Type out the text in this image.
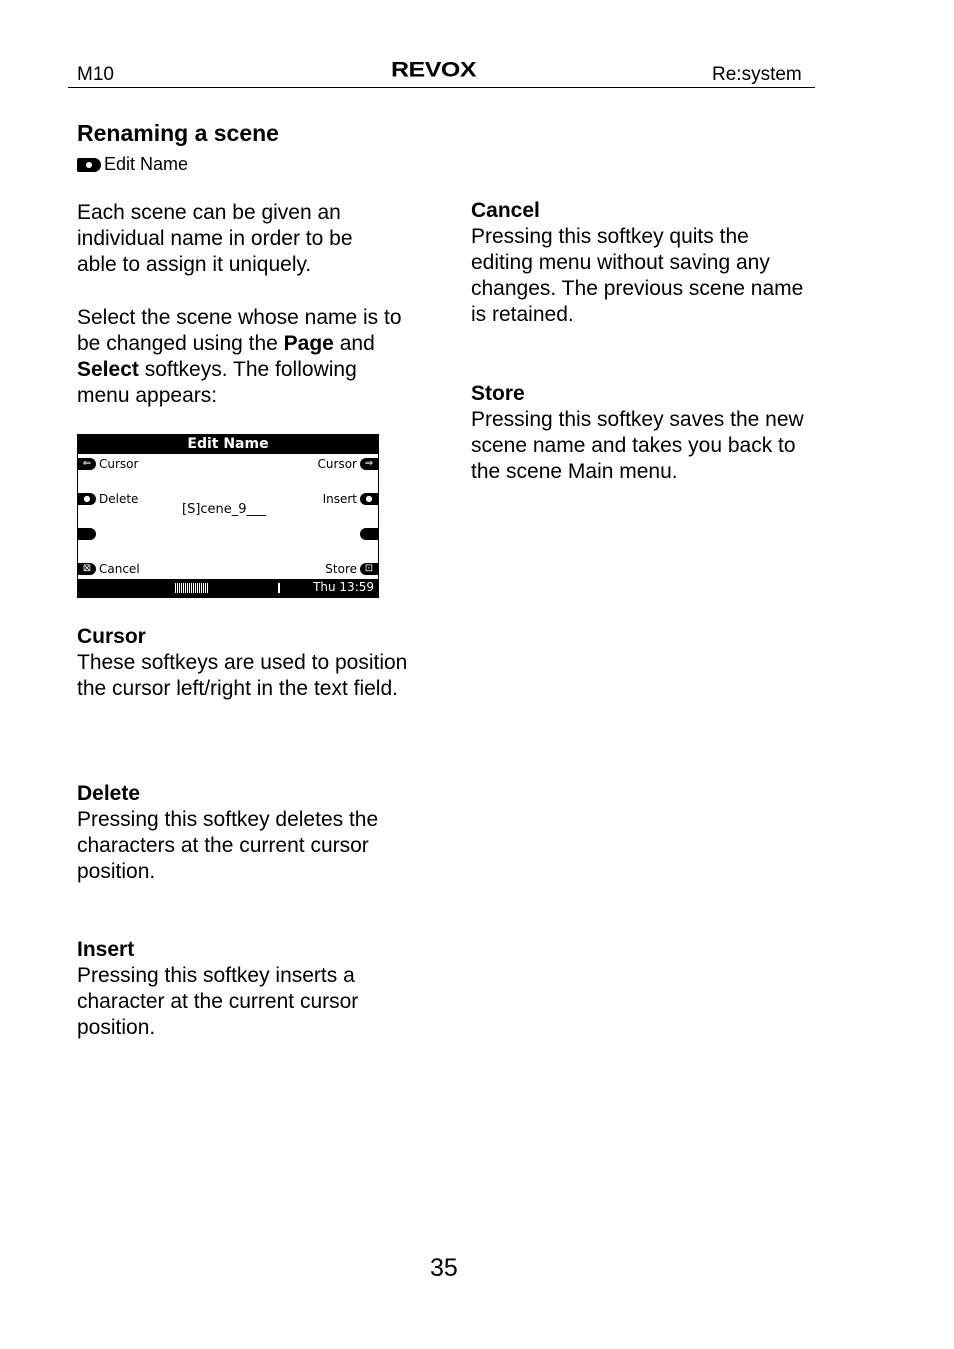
M10	REVOX	Re:system
Renaming a scene
Edit Name

Each scene can be given an individual name in order to be able to assign it uniquely.

Select the scene whose name is to be changed using the Page and Select softkeys. The following menu appears:

Edit Name
⇐ Cursor
●
Delete
⊠ Cancel
Cursor ⇒
Insert
●
Store ⊡
[S]cene_9___
Thu 13:59
Cursor

These softkeys are used to position the cursor left/right in the text field.

Delete

Pressing this softkey deletes the characters at the current cursor position.

Insert

Pressing this softkey inserts a character at the current cursor position.

Cancel

Pressing this softkey quits the editing menu without saving any changes. The previous scene name is retained.

Store

Pressing this softkey saves the new scene name and takes you back to the scene Main menu.

35
